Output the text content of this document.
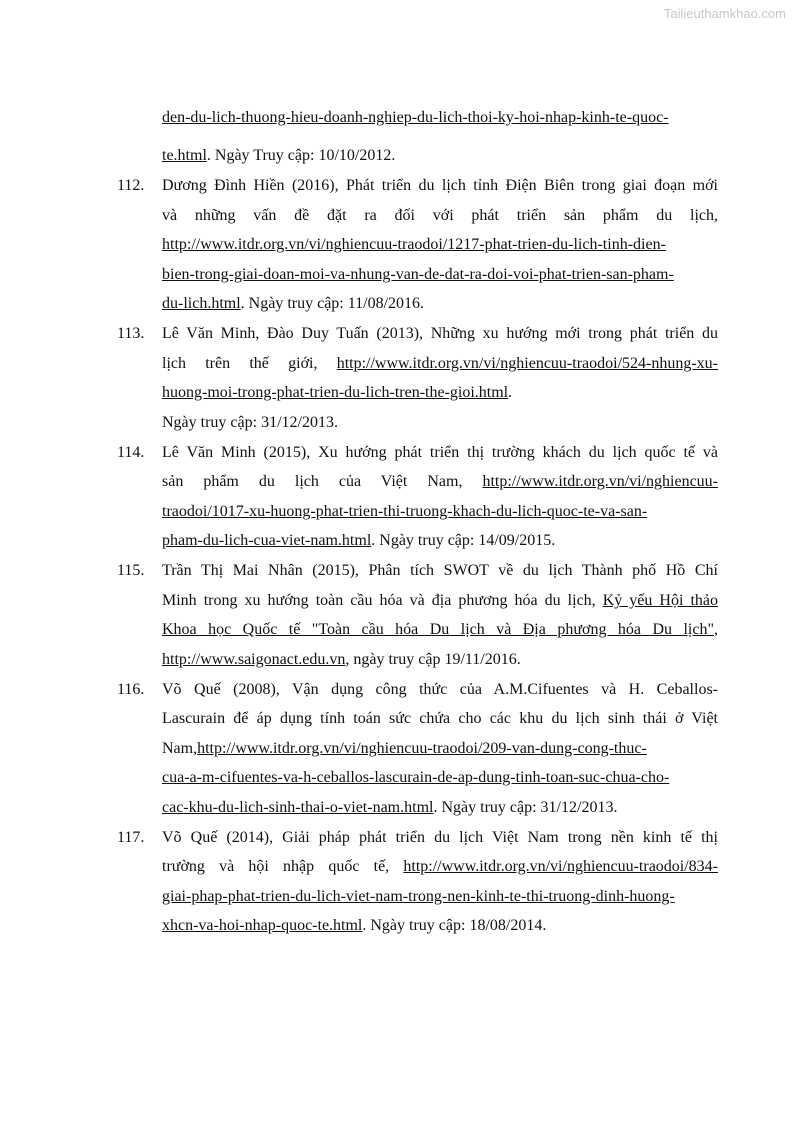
Tailieuthamkhao.com
den-du-lich-thuong-hieu-doanh-nghiep-du-lich-thoi-ky-hoi-nhap-kinh-te-quoc-
te.html. Ngày Truy cập: 10/10/2012.
112. Dương Đình Hiền (2016), Phát triển du lịch tỉnh Điện Biên trong giai đoạn mới
và những vấn đề đặt ra đối với phát triển sản phẩm du lịch,
http://www.itdr.org.vn/vi/nghiencuu-traodoi/1217-phat-trien-du-lich-tinh-dien-
bien-trong-giai-doan-moi-va-nhung-van-de-dat-ra-doi-voi-phat-trien-san-pham-
du-lich.html. Ngày truy cập: 11/08/2016.
113. Lê Văn Minh, Đào Duy Tuấn (2013), Những xu hướng mới trong phát triển du
lịch trên thế giới, http://www.itdr.org.vn/vi/nghiencuu-traodoi/524-nhung-xu-
huong-moi-trong-phat-trien-du-lich-tren-the-gioi.html.
Ngày truy cập: 31/12/2013.
114. Lê Văn Minh (2015), Xu hướng phát triển thị trường khách du lịch quốc tế và
sản phẩm du lịch của Việt Nam, http://www.itdr.org.vn/vi/nghiencuu-
traodoi/1017-xu-huong-phat-trien-thi-truong-khach-du-lich-quoc-te-va-san-
pham-du-lich-cua-viet-nam.html. Ngày truy cập: 14/09/2015.
115. Trần Thị Mai Nhân (2015), Phân tích SWOT về du lịch Thành phố Hồ Chí
Minh trong xu hướng toàn cầu hóa và địa phương hóa du lịch, Kỷ yếu Hội thảo
Khoa học Quốc tế "Toàn cầu hóa Du lịch và Địa phương hóa Du lịch",
http://www.saigonact.edu.vn, ngày truy cập 19/11/2016.
116. Võ Quế (2008), Vận dụng công thức của A.M.Cifuentes và H. Ceballos-
Lascurain để áp dụng tính toán sức chứa cho các khu du lịch sinh thái ở Việt
Nam,http://www.itdr.org.vn/vi/nghiencuu-traodoi/209-van-dung-cong-thuc-
cua-a-m-cifuentes-va-h-ceballos-lascurain-de-ap-dung-tinh-toan-suc-chua-cho-
cac-khu-du-lich-sinh-thai-o-viet-nam.html. Ngày truy cập: 31/12/2013.
117. Võ Quế (2014), Giải pháp phát triển du lịch Việt Nam trong nền kinh tế thị
trường và hội nhập quốc tế, http://www.itdr.org.vn/vi/nghiencuu-traodoi/834-
giai-phap-phat-trien-du-lich-viet-nam-trong-nen-kinh-te-thi-truong-dinh-huong-
xhcn-va-hoi-nhap-quoc-te.html. Ngày truy cập: 18/08/2014.
